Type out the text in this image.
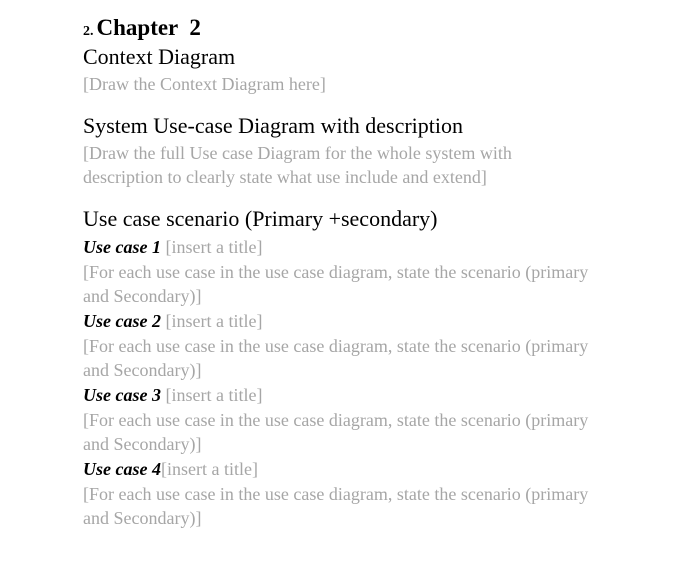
2. Chapter  2
Context Diagram

[Draw the Context Diagram here]

System Use-case Diagram with description

[Draw the full Use case Diagram for the whole system with description to clearly state what use include and extend]

Use case scenario (Primary +secondary)

Use case 1 [insert a title]

[For each use case in the use case diagram, state the scenario (primary and Secondary)]

Use case 2 [insert a title]

[For each use case in the use case diagram, state the scenario (primary and Secondary)]

Use case 3 [insert a title]

[For each use case in the use case diagram, state the scenario (primary and Secondary)]

Use case 4[insert a title]

[For each use case in the use case diagram, state the scenario (primary and Secondary)]
